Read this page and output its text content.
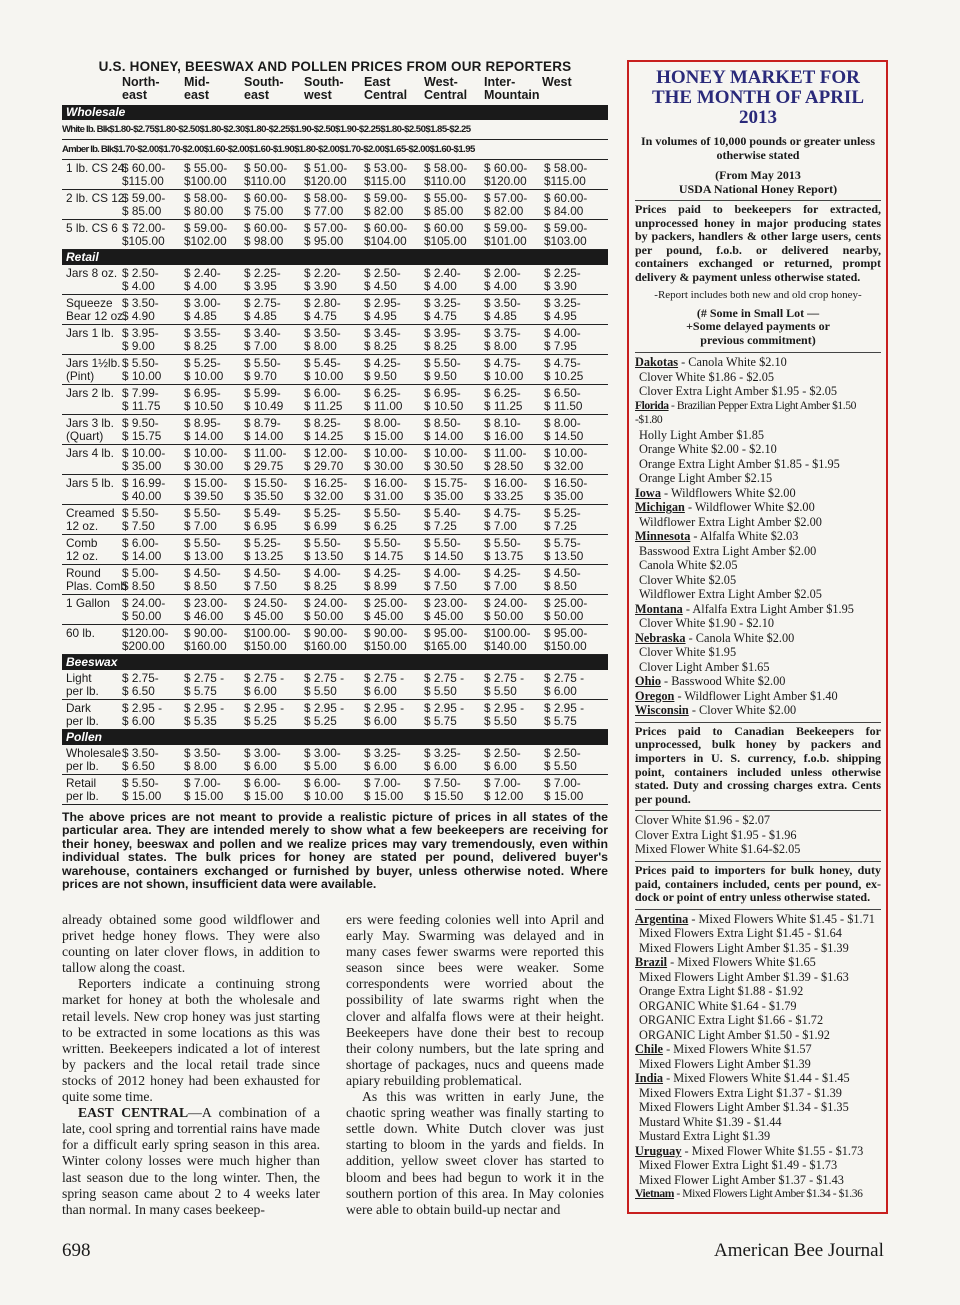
U.S. HONEY, BEESWAX AND POLLEN PRICES FROM OUR REPORTERS
North-
east
Mid-
east
South-
east
South-
west
East
Central
West-
Central
Inter-
Mountain
West
Wholesale
White lb. Blk$1.80-$2.75$1.80-$2.50$1.80-$2.30$1.80-$2.25$1.90-$2.50$1.90-$2.25$1.80-$2.50$1.85-$2.25
Amber lb. Blk$1.70-$2.00$1.70-$2.00$1.60-$2.00$1.60-$1.90$1.80-$2.00$1.70-$2.00$1.65-$2.00$1.60-$1.95
1 lb. CS 24
$ 60.00-
$115.00
$ 55.00-
$100.00
$ 50.00-
$110.00
$ 51.00-
$120.00
$ 53.00-
$115.00
$ 58.00-
$110.00
$ 60.00-
$120.00
$ 58.00-
$115.00
2 lb. CS 12
$ 59.00-
$ 85.00
$ 58.00-
$ 80.00
$ 60.00-
$ 75.00
$ 58.00-
$ 77.00
$ 59.00-
$ 82.00
$ 55.00-
$ 85.00
$ 57.00-
$ 82.00
$ 60.00-
$ 84.00
5 lb. CS 6 $ 72.00-
$105.00
$ 59.00-
$102.00
$ 60.00-
$ 98.00
$ 57.00-
$ 95.00
$ 60.00-
$104.00
$ 60.00
$105.00
$ 59.00-
$101.00
$ 59.00-
$103.00
Retail
Jars 8 oz. $ 2.50-
$ 4.00
$ 2.40-
$ 4.00
$ 2.25-
$ 3.95
$ 2.20-
$ 3.90
$ 2.50-
$ 4.50
$ 2.40-
$ 4.00
$ 2.00-
$ 4.00
$ 2.25-
$ 3.90
Squeeze
Bear 12 oz.
$ 3.50-
$ 4.90
$ 3.00-
$ 4.85
$ 2.75-
$ 4.85
$ 2.80-
$ 4.75
$ 2.95-
$ 4.95
$ 3.25-
$ 4.75
$ 3.50-
$ 4.85
$ 3.25-
$ 4.95
Jars 1 lb. $ 3.95-
$ 9.00
$ 3.55-
$ 8.25
$ 3.40-
$ 7.00
$ 3.50-
$ 8.00
$ 3.45-
$ 8.25
$ 3.95-
$ 8.25
$ 3.75-
$ 8.00
$ 4.00-
$ 7.95
Jars 1½lb.
(Pint)
$ 5.50-
$ 10.00
$ 5.25-
$ 10.00
$ 5.50-
$ 9.70
$ 5.45-
$ 10.00
$ 4.25-
$ 9.50
$ 5.50-
$ 9.50
$ 4.75-
$ 10.00
$ 4.75-
$ 10.25
Jars 2 lb. $ 7.99-
$ 11.75
$ 6.95-
$ 10.50
$ 5.99-
$ 10.49
$ 6.00-
$ 11.25
$ 6.25-
$ 11.00
$ 6.95-
$ 10.50
$ 6.25-
$ 11.25
$ 6.50-
$ 11.50
Jars 3 lb.
(Quart)
$ 9.50-
$ 15.75
$ 8.95-
$ 14.00
$ 8.79-
$ 14.00
$ 8.25-
$ 14.25
$ 8.00-
$ 15.00
$ 8.50-
$ 14.00
$ 8.10-
$ 16.00
$ 8.00-
$ 14.50
Jars 4 lb. $ 10.00-
$ 35.00
$ 10.00-
$ 30.00
$ 11.00-
$ 29.75
$ 12.00-
$ 29.70
$ 10.00-
$ 30.00
$ 10.00-
$ 30.50
$ 11.00-
$ 28.50
$ 10.00-
$ 32.00
Jars 5 lb. $ 16.99-
$ 40.00
$ 15.00-
$ 39.50
$ 15.50-
$ 35.50
$ 16.25-
$ 32.00
$ 16.00-
$ 31.00
$ 15.75-
$ 35.00
$ 16.00-
$ 33.25
$ 16.50-
$ 35.00
Creamed
12 oz.
$ 5.50-
$ 7.50
$ 5.50-
$ 7.00
$ 5.49-
$ 6.95
$ 5.25-
$ 6.99
$ 5.50-
$ 6.25
$ 5.40-
$ 7.25
$ 4.75-
$ 7.00
$ 5.25-
$ 7.25
Comb
12 oz.
$ 6.00-
$ 14.00
$ 5.50-
$ 13.00
$ 5.25-
$ 13.25
$ 5.50-
$ 13.50
$ 5.50-
$ 14.75
$ 5.50-
$ 14.50
$ 5.50-
$ 13.75
$ 5.75-
$ 13.50
Round
Plas. Comb
$ 5.00-
$ 8.50
$ 4.50-
$ 8.50
$ 4.50-
$ 7.50
$ 4.00-
$ 8.25
$ 4.25-
$ 8.99
$ 4.00-
$ 7.50
$ 4.25-
$ 7.00
$ 4.50-
$ 8.50
1 Gallon $ 24.00-
$ 50.00
$ 23.00-
$ 46.00
$ 24.50-
$ 45.00
$ 24.00-
$ 50.00
$ 25.00-
$ 45.00
$ 23.00-
$ 45.00
$ 24.00-
$ 50.00
$ 25.00-
$ 50.00
60 lb. $120.00-
$200.00
$ 90.00-
$160.00
$100.00-
$150.00
$ 90.00-
$160.00
$ 90.00-
$150.00
$ 95.00-
$165.00
$100.00-
$140.00
$ 95.00-
$150.00
Beeswax
Light
per lb.
$ 2.75-
$ 6.50
$ 2.75 -
$ 5.75
$ 2.75 -
$ 6.00
$ 2.75 -
$ 5.50
$ 2.75 -
$ 6.00
$ 2.75 -
$ 5.50
$ 2.75 -
$ 5.50
$ 2.75 -
$ 6.00
Dark
per lb.
$ 2.95 -
$ 6.00
$ 2.95 -
$ 5.35
$ 2.95 -
$ 5.25
$ 2.95 -
$ 5.25
$ 2.95 -
$ 6.00
$ 2.95 -
$ 5.75
$ 2.95 -
$ 5.50
$ 2.95 -
$ 5.75
Pollen
Wholesale
per lb.
$ 3.50-
$ 6.50
$ 3.50-
$ 8.00
$ 3.00-
$ 6.00
$ 3.00-
$ 5.00
$ 3.25-
$ 6.00
$ 3.25-
$ 6.00
$ 2.50-
$ 6.00
$ 2.50-
$ 5.50
Retail
per lb.
$ 5.50-
$ 15.00
$ 7.00-
$ 15.00
$ 6.00-
$ 15.00
$ 6.00-
$ 10.00
$ 7.00-
$ 15.00
$ 7.50-
$ 15.50
$ 7.00-
$ 12.00
$ 7.00-
$ 15.00
The above prices are not meant to provide a realistic picture of prices in all states of the particular area. They are intended merely to show what a few beekeepers are receiving for their honey, beeswax and pollen and we realize prices may vary tremendously, even within individual states. The bulk prices for honey are stated per pound, delivered buyer's warehouse, containers exchanged or furnished by buyer, unless otherwise noted. Where prices are not shown, insufficient data were available.

already obtained some good wildflower and privet hedge honey flows. They were also counting on later clover flows, in addition to tallow along the coast.

Reporters indicate a continuing strong market for honey at both the wholesale and retail levels. New crop honey was just starting to be extracted in some locations as this was written. Beekeepers indicated a lot of interest by packers and the local retail trade since stocks of 2012 honey had been exhausted for quite some time.

EAST CENTRAL—A combination of a late, cool spring and torrential rains have made for a difficult early spring season in this area. Winter colony losses were much higher than last season due to the long winter. Then, the spring season came about 2 to 4 weeks later than normal. In many cases beekeep-

ers were feeding colonies well into April and early May. Swarming was delayed and in many cases fewer swarms were reported this season since bees were weaker. Some correspondents were worried about the possibility of late swarms right when the clover and alfalfa flows were at their height. Beekeepers have done their best to recoup their colony numbers, but the late spring and shortage of packages, nucs and queens made apiary rebuilding problematical.

As this was written in early June, the chaotic spring weather was finally starting to settle down. White Dutch clover was just starting to bloom in the yards and fields. In addition, yellow sweet clover has started to bloom and bees had begun to work it in the southern portion of this area. In May colonies were able to obtain build-up nectar and

698	American Bee Journal
HONEY MARKET FOR THE MONTH OF APRIL 2013
In volumes of 10,000 pounds or greater unless otherwise stated
(From May 2013
USDA National Honey Report)

Prices paid to beekeepers for extracted, unprocessed honey in major producing states by packers, handlers & other large users, cents per pound, f.o.b. or delivered nearby, containers exchanged or returned, prompt delivery & payment unless otherwise stated.

-Report includes both new and old crop honey-
(# Some in Small Lot —
+Some delayed payments or
previous commitment)
Dakotas - Canola White $2.10
Clover White $1.86 - $2.05
Clover Extra Light Amber $1.95 - $2.05
Florida - Brazilian Pepper Extra Light Amber $1.50 -$1.80
Holly Light Amber $1.85
Orange White $2.00 - $2.10
Orange Extra Light Amber $1.85 - $1.95
Orange Light Amber $2.15
Iowa - Wildflowers White $2.00
Michigan - Wildflower White $2.00
Wildflower Extra Light Amber $2.00
Minnesota - Alfalfa White $2.03
Basswood Extra Light Amber $2.00
Canola White $2.05
Clover White $2.05
Wildflower Extra Light Amber $2.05
Montana - Alfalfa Extra Light Amber $1.95
Clover White $1.90 - $2.10
Nebraska - Canola White $2.00
Clover White $1.95
Clover Light Amber $1.65
Ohio - Basswood White $2.00
Oregon - Wildflower Light Amber $1.40
Wisconsin - Clover White $2.00

Prices paid to Canadian Beekeepers for unprocessed, bulk honey by packers and importers in U. S. currency, f.o.b. shipping point, containers included unless otherwise stated. Duty and crossing charges extra. Cents per pound.

Clover White $1.96 - $2.07
Clover Extra Light $1.95 - $1.96
Mixed Flower White $1.64-$2.05

Prices paid to importers for bulk honey, duty paid, containers included, cents per pound, ex-dock or point of entry unless otherwise stated.

Argentina - Mixed Flowers White $1.45 - $1.71
Mixed Flowers Extra Light $1.45 - $1.64
Mixed Flowers Light Amber $1.35 - $1.39
Brazil - Mixed Flowers White $1.65
Mixed Flowers Light Amber $1.39 - $1.63
Orange Extra Light $1.88 - $1.92
ORGANIC White $1.64 - $1.79
ORGANIC Extra Light $1.66 - $1.72
ORGANIC Light Amber $1.50 - $1.92
Chile - Mixed Flowers White $1.57
Mixed Flowers Light Amber $1.39
India - Mixed Flowers White $1.44 - $1.45
Mixed Flowers Extra Light $1.37 - $1.39
Mixed Flowers Light Amber $1.34 - $1.35
Mustard White $1.39 - $1.44
Mustard Extra Light $1.39
Uruguay - Mixed Flower White $1.55 - $1.73
Mixed Flower Extra Light $1.49 - $1.73
Mixed Flower Light Amber $1.37 - $1.43
Vietnam - Mixed Flowers Light Amber $1.34 - $1.36
